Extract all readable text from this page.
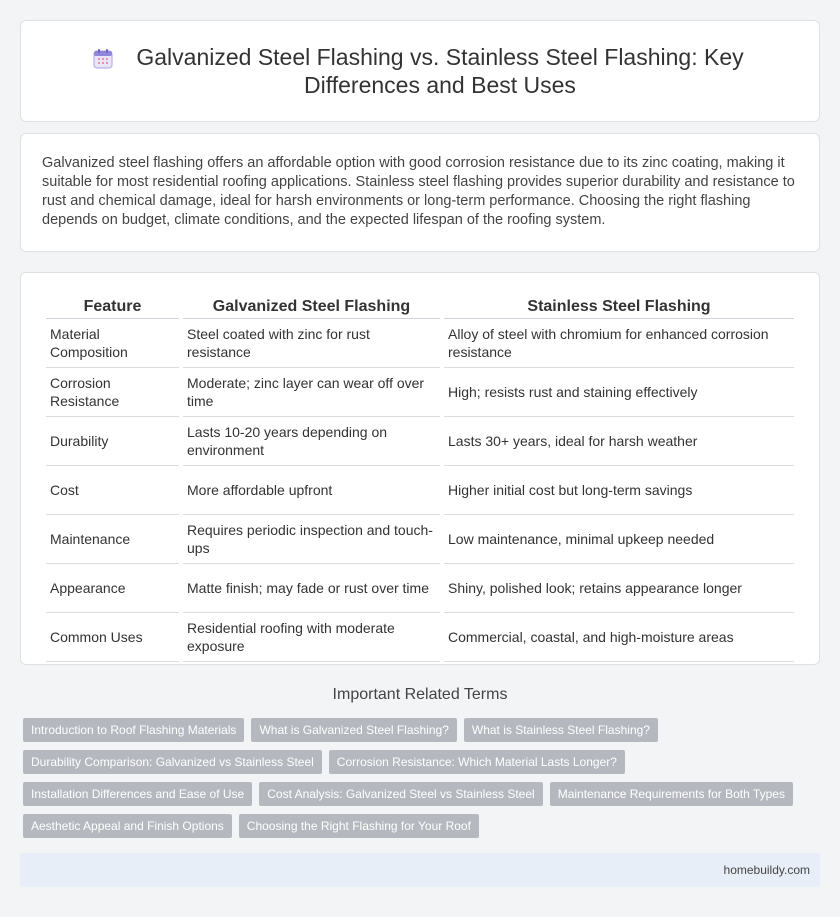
Galvanized Steel Flashing vs. Stainless Steel Flashing: Key Differences and Best Uses

Galvanized steel flashing offers an affordable option with good corrosion resistance due to its zinc coating, making it suitable for most residential roofing applications. Stainless steel flashing provides superior durability and resistance to rust and chemical damage, ideal for harsh environments or long-term performance. Choosing the right flashing depends on budget, climate conditions, and the expected lifespan of the roofing system.

Feature	Galvanized Steel Flashing	Stainless Steel Flashing
Material Composition	Steel coated with zinc for rust resistance	Alloy of steel with chromium for enhanced corrosion resistance
Corrosion Resistance	Moderate; zinc layer can wear off over time	High; resists rust and staining effectively
Durability	Lasts 10-20 years depending on environment	Lasts 30+ years, ideal for harsh weather
Cost	More affordable upfront	Higher initial cost but long-term savings
Maintenance	Requires periodic inspection and touch-ups	Low maintenance, minimal upkeep needed
Appearance	Matte finish; may fade or rust over time	Shiny, polished look; retains appearance longer
Common Uses	Residential roofing with moderate exposure	Commercial, coastal, and high-moisture areas
Important Related Terms
Introduction to Roof Flashing Materials	What is Galvanized Steel Flashing?	What is Stainless Steel Flashing?
Durability Comparison: Galvanized vs Stainless Steel	Corrosion Resistance: Which Material Lasts Longer?
Installation Differences and Ease of Use	Cost Analysis: Galvanized Steel vs Stainless Steel	Maintenance Requirements for Both Types
Aesthetic Appeal and Finish Options	Choosing the Right Flashing for Your Roof
homebuildy.com
